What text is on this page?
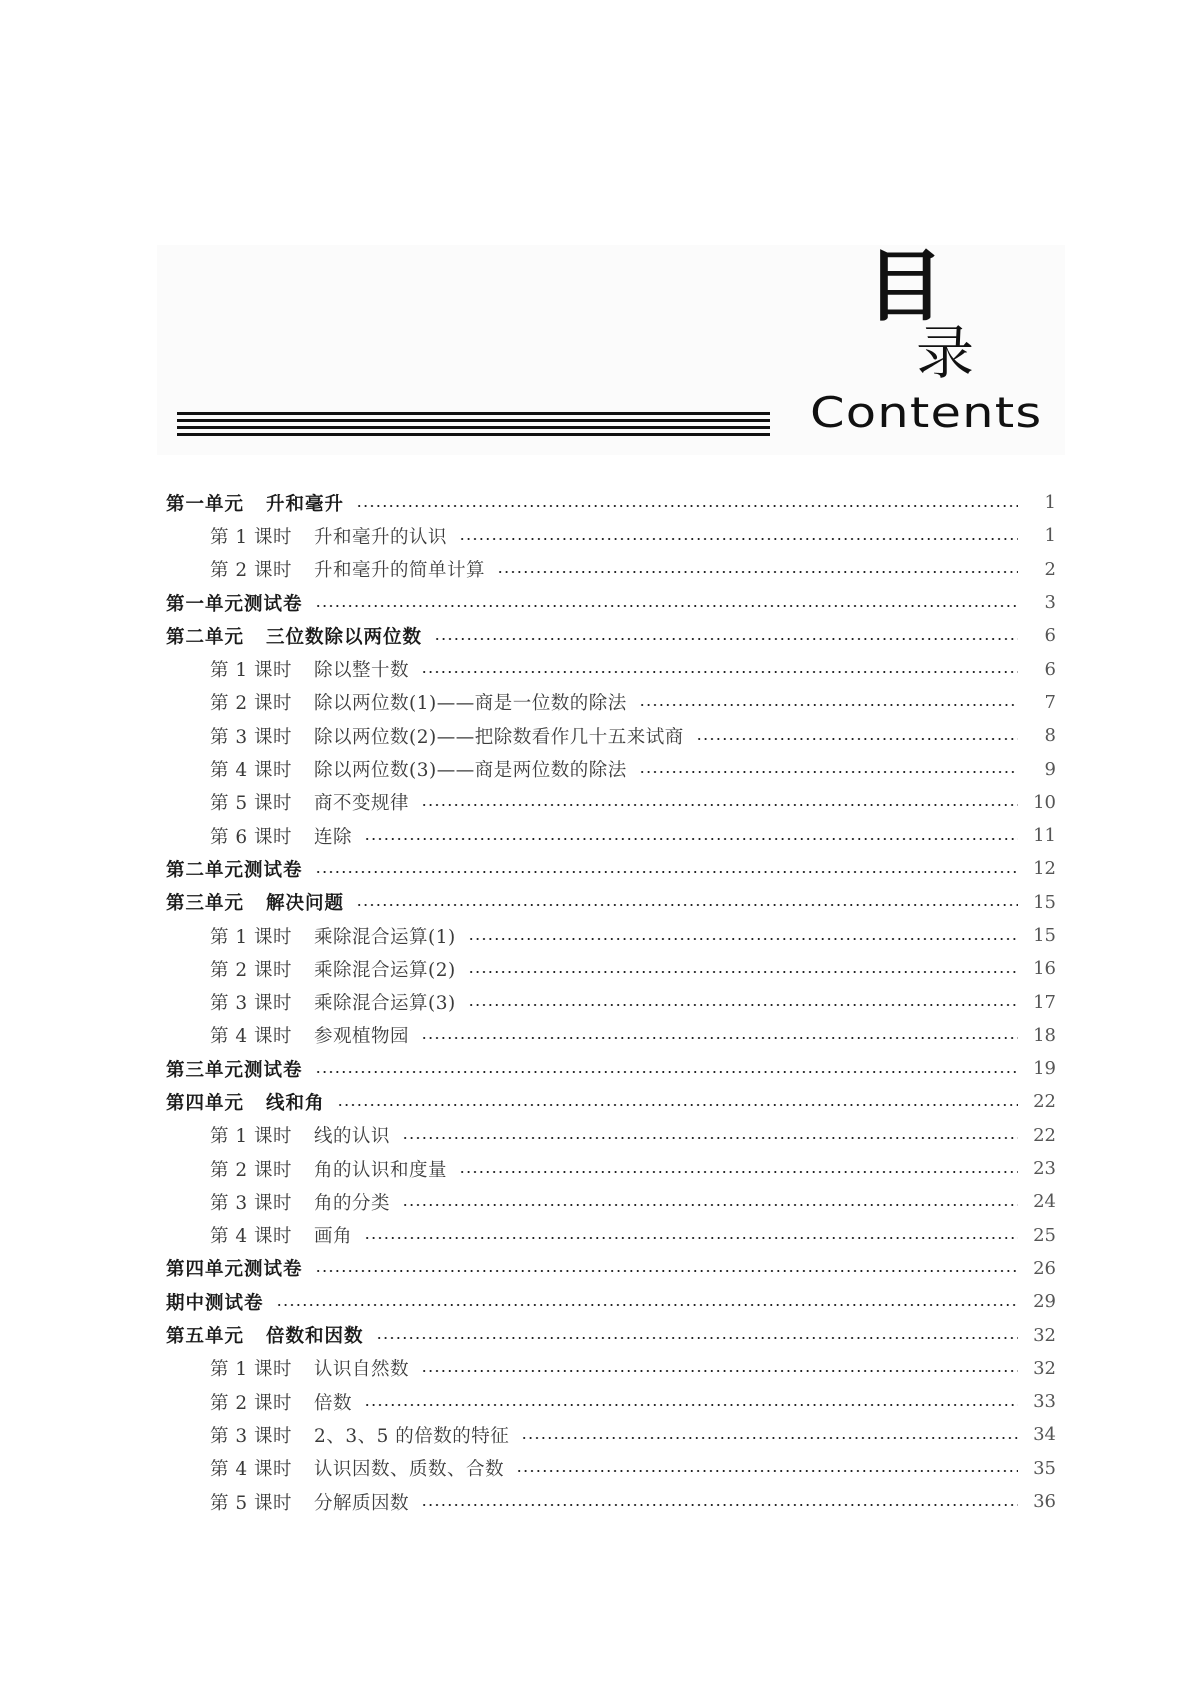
目
录
Contents
第一单元 升和毫升	1
第 1 课时 升和毫升的认识	1
第 2 课时 升和毫升的简单计算	2
第一单元测试卷	3
第二单元 三位数除以两位数	6
第 1 课时 除以整十数	6
第 2 课时 除以两位数(1)——商是一位数的除法	7
第 3 课时 除以两位数(2)——把除数看作几十五来试商	8
第 4 课时 除以两位数(3)——商是两位数的除法	9
第 5 课时 商不变规律	10
第 6 课时 连除	11
第二单元测试卷	12
第三单元 解决问题	15
第 1 课时 乘除混合运算(1)	15
第 2 课时 乘除混合运算(2)	16
第 3 课时 乘除混合运算(3)	17
第 4 课时 参观植物园	18
第三单元测试卷	19
第四单元 线和角	22
第 1 课时 线的认识	22
第 2 课时 角的认识和度量	23
第 3 课时 角的分类	24
第 4 课时 画角	25
第四单元测试卷	26
期中测试卷	29
第五单元 倍数和因数	32
第 1 课时 认识自然数	32
第 2 课时 倍数	33
第 3 课时 2、3、5 的倍数的特征	34
第 4 课时 认识因数、质数、合数	35
第 5 课时 分解质因数	36
